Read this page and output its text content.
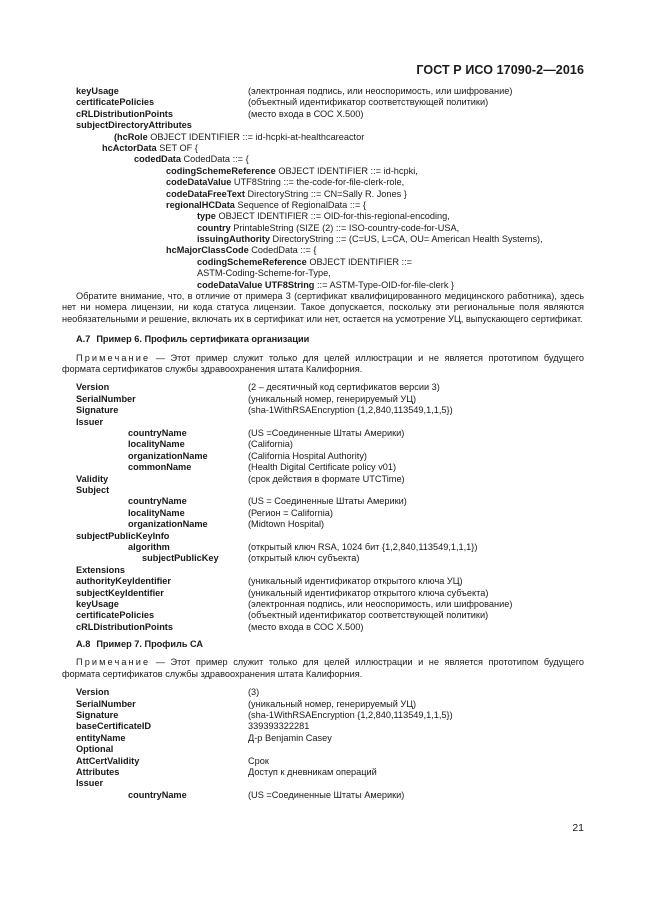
ГОСТ Р ИСО 17090-2—2016
keyUsage	(электронная подпись, или неоспоримость, или шифрование)
certificatePolicies	(объектный идентификатор соответствующей политики)
cRLDistributionPoints	(место входа в СОС X.500)
subjectDirectoryAttributes
(hcRole OBJECT IDENTIFIER ::= id-hcpki-at-healthcareactor
hcActorData SET OF {
codedData CodedData ::= {
codingSchemeReference OBJECT IDENTIFIER ::= id-hcpki,
codeDataValue UTF8String ::= the-code-for-file-clerk-role,
codeDataFreeText DirectoryString ::= CN=Sally R. Jones }
regionalHCData Sequence of RegionalData ::= {
type OBJECT IDENTIFIER ::= OID-for-this-regional-encoding,
country PrintableString (SIZE (2) ::= ISO-country-code-for-USA,
issuingAuthority DirectoryString ::= (C=US, L=CA, OU= American Health Systems),
hcMajorClassCode CodedData ::= {
codingSchemeReference OBJECT IDENTIFIER ::=
ASTM-Coding-Scheme-for-Type,
codeDataValue UTF8String ::= ASTM-Type-OID-for-file-clerk }

Обратите внимание, что, в отличие от примера 3 (сертификат квалифицированного медицинского работника), здесь нет ни номера лицензии, ни кода статуса лицензии. Такое допускается, поскольку эти региональные поля являются необязательными и решение, включать их в сертификат или нет, остается на усмотрение УЦ, выпускающего сертификат.

А.7 Пример 6. Профиль сертификата организации

Примечание — Этот пример служит только для целей иллюстрации и не является прототипом будущего формата сертификатов службы здравоохранения штата Калифорния.

Version	(2 – десятичный код сертификатов версии 3)
SerialNumber	(уникальный номер, генерируемый УЦ)
Signature	(sha-1WithRSAEncryption {1,2,840,113549,1,1,5})
Issuer
countryName	(US =Соединенные Штаты Америки)
localityName	(California)
organizationName	(California Hospital Authority)
commonName	(Health Digital Certificate policy v01)
Validity	(срок действия в формате UTCTime)
Subject
countryName	(US = Соединенные Штаты Америки)
localityName	(Регион = California)
organizationName	(Midtown Hospital)
subjectPublicKeyInfo
algorithm	(открытый ключ RSA, 1024 бит {1,2,840,113549,1,1,1})
subjectPublicKey	(открытый ключ субъекта)
Extensions
authorityKeyIdentifier	(уникальный идентификатор открытого ключа УЦ)
subjectKeyIdentifier	(уникальный идентификатор открытого ключа субъекта)
keyUsage	(электронная подпись, или неоспоримость, или шифрование)
certificatePolicies	(объектный идентификатор соответствующей политики)
cRLDistributionPoints	(место входа в СОС X.500)
А.8 Пример 7. Профиль СА

Примечание — Этот пример служит только для целей иллюстрации и не является прототипом будущего формата сертификатов службы здравоохранения штата Калифорния.

Version	(3)
SerialNumber	(уникальный номер, генерируемый УЦ)
Signature	(sha-1WithRSAEncryption {1,2,840,113549,1,1,5})
baseCertificateID	339393322281
entityName	Д-р Benjamin Casey
Optional
AttCertValidity	Срок
Attributes	Доступ к дневникам операций
Issuer
countryName	(US =Соединенные Штаты Америки)
21
